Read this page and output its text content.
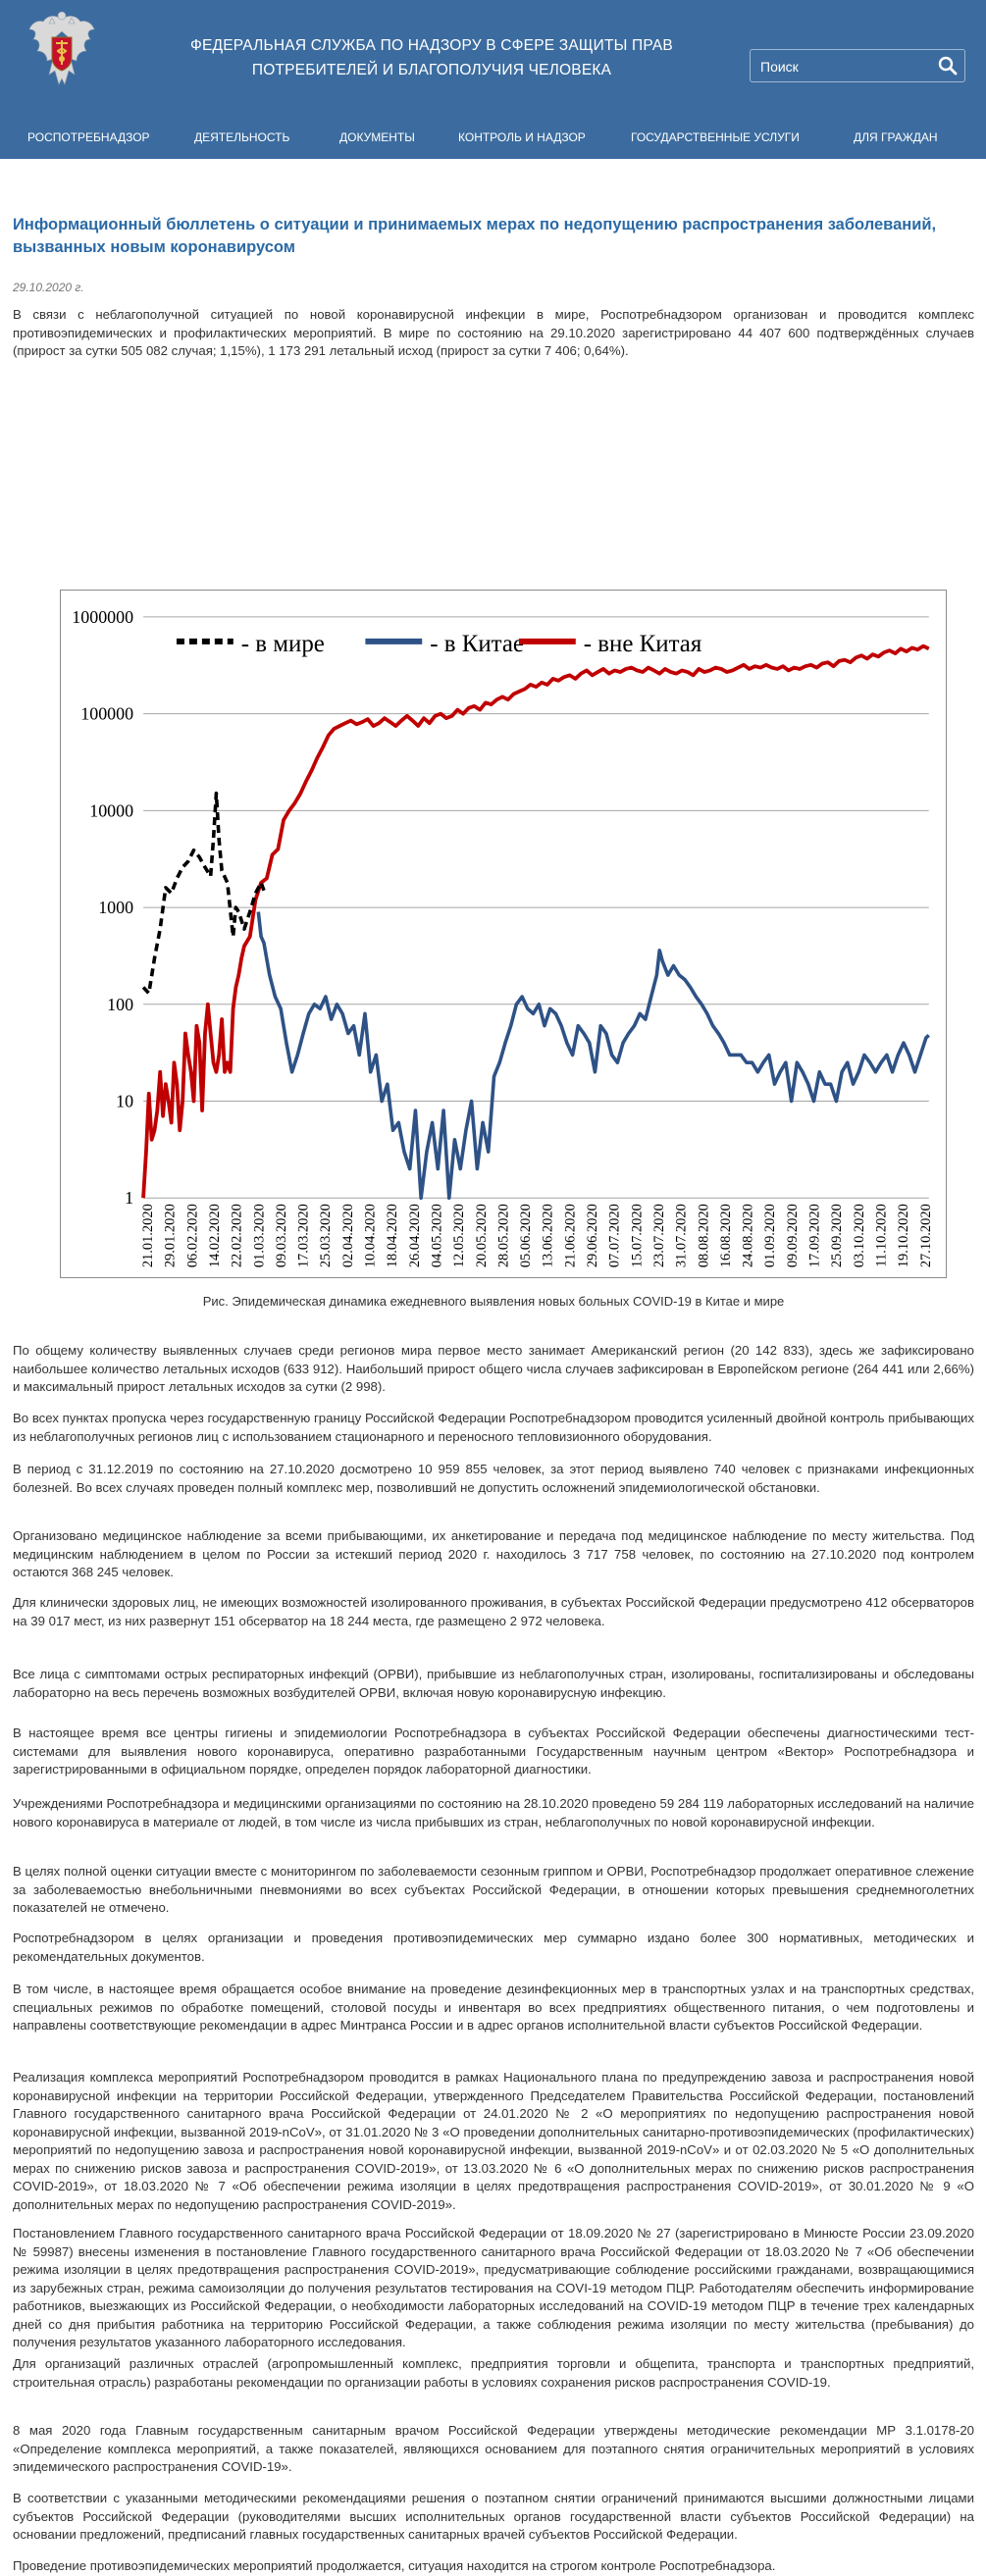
ФЕДЕРАЛЬНАЯ СЛУЖБА ПО НАДЗОРУ В СФЕРЕ ЗАЩИТЫ ПРАВ
ПОТРЕБИТЕЛЕЙ И БЛАГОПОЛУЧИЯ ЧЕЛОВЕКА
Поиск
РОСПОТРЕБНАДЗОР	ДЕЯТЕЛЬНОСТЬ	ДОКУМЕНТЫ	КОНТРОЛЬ И НАДЗОР	ГОСУДАРСТВЕННЫЕ УСЛУГИ	ДЛЯ ГРАЖДАН
Информационный бюллетень о ситуации и принимаемых мерах по недопущению распространения заболеваний, вызванных новым коронавирусом
29.10.2020 г.

В связи с неблагополучной ситуацией по новой коронавирусной инфекции в мире, Роспотребнадзором организован и проводится комплекс противоэпидемических и профилактических мероприятий. В мире по состоянию на 29.10.2020 зарегистрировано 44 407 600 подтверждённых случаев (прирост за сутки 505 082 случая; 1,15%), 1 173 291 летальный исход (прирост за сутки 7 406; 0,64%).

1000000
100000
10000
1000
100
10
1
21.01.2020 29.01.2020 06.02.2020 14.02.2020 22.02.2020 01.03.2020 09.03.2020 17.03.2020 25.03.2020 02.04.2020 10.04.2020 18.04.2020 26.04.2020 04.05.2020 12.05.2020 20.05.2020 28.05.2020 05.06.2020 13.06.2020 21.06.2020 29.06.2020 07.07.2020 15.07.2020 23.07.2020 31.07.2020 08.08.2020 16.08.2020 24.08.2020 01.09.2020 09.09.2020 17.09.2020 25.09.2020 03.10.2020 11.10.2020 19.10.2020 27.10.2020
- в мире	- в Китае - вне Китая
Рис. Эпидемическая динамика ежедневного выявления новых больных COVID-19 в Китае и мире

По общему количеству выявленных случаев среди регионов мира первое место занимает Американский регион (20 142 833), здесь же зафиксировано наибольшее количество летальных исходов (633 912). Наибольший прирост общего числа случаев зафиксирован в Европейском регионе (264 441 или 2,66%) и максимальный прирост летальных исходов за сутки (2 998).

Во всех пунктах пропуска через государственную границу Российской Федерации Роспотребнадзором проводится усиленный двойной контроль прибывающих из неблагополучных регионов лиц с использованием стационарного и переносного тепловизионного оборудования.

В период с 31.12.2019 по состоянию на 27.10.2020 досмотрено 10 959 855 человек, за этот период выявлено 740 человек с признаками инфекционных болезней. Во всех случаях проведен полный комплекс мер, позволивший не допустить осложнений эпидемиологической обстановки.

Организовано медицинское наблюдение за всеми прибывающими, их анкетирование и передача под медицинское наблюдение по месту жительства. Под медицинским наблюдением в целом по России за истекший период 2020 г. находилось 3 717 758 человек, по состоянию на 27.10.2020 под контролем остаются 368 245 человек.

Для клинически здоровых лиц, не имеющих возможностей изолированного проживания, в субъектах Российской Федерации предусмотрено 412 обсерваторов на 39 017 мест, из них развернут 151 обсерватор на 18 244 места, где размещено 2 972 человека.

Все лица с симптомами острых респираторных инфекций (ОРВИ), прибывшие из неблагополучных стран, изолированы, госпитализированы и обследованы лабораторно на весь перечень возможных возбудителей ОРВИ, включая новую коронавирусную инфекцию.

В настоящее время все центры гигиены и эпидемиологии Роспотребнадзора в субъектах Российской Федерации обеспечены диагностическими тест-системами для выявления нового коронавируса, оперативно разработанными Государственным научным центром «Вектор» Роспотребнадзора и зарегистрированными в официальном порядке, определен порядок лабораторной диагностики.

Учреждениями Роспотребнадзора и медицинскими организациями по состоянию на 28.10.2020 проведено 59 284 119 лабораторных исследований на наличие нового коронавируса в материале от людей, в том числе из числа прибывших из стран, неблагополучных по новой коронавирусной инфекции.

В целях полной оценки ситуации вместе с мониторингом по заболеваемости сезонным гриппом и ОРВИ, Роспотребнадзор продолжает оперативное слежение за заболеваемостью внебольничными пневмониями во всех субъектах Российской Федерации, в отношении которых превышения среднемноголетних показателей не отмечено.

Роспотребнадзором в целях организации и проведения противоэпидемических мер суммарно издано более 300 нормативных, методических и рекомендательных документов.

В том числе, в настоящее время обращается особое внимание на проведение дезинфекционных мер в транспортных узлах и на транспортных средствах, специальных режимов по обработке помещений, столовой посуды и инвентаря во всех предприятиях общественного питания, о чем подготовлены и направлены соответствующие рекомендации в адрес Минтранса России и в адрес органов исполнительной власти субъектов Российской Федерации.

Реализация комплекса мероприятий Роспотребнадзором проводится в рамках Национального плана по предупреждению завоза и распространения новой коронавирусной инфекции на территории Российской Федерации, утвержденного Председателем Правительства Российской Федерации, постановлений Главного государственного санитарного врача Российской Федерации от 24.01.2020 № 2 «О мероприятиях по недопущению распространения новой коронавирусной инфекции, вызванной 2019-nCoV», от 31.01.2020 № 3 «О проведении дополнительных санитарно-противоэпидемических (профилактических) мероприятий по недопущению завоза и распространения новой коронавирусной инфекции, вызванной 2019-nCoV» и от 02.03.2020 № 5 «О дополнительных мерах по снижению рисков завоза и распространения COVID-2019», от 13.03.2020 № 6 «О дополнительных мерах по снижению рисков распространения COVID-2019», от 18.03.2020 № 7 «Об обеспечении режима изоляции в целях предотвращения распространения COVID-2019», от 30.01.2020 № 9 «О дополнительных мерах по недопущению распространения COVID-2019».

Постановлением Главного государственного санитарного врача Российской Федерации от 18.09.2020 № 27 (зарегистрировано в Минюсте России 23.09.2020 № 59987) внесены изменения в постановление Главного государственного санитарного врача Российской Федерации от 18.03.2020 № 7 «Об обеспечении режима изоляции в целях предотвращения распространения COVID-2019», предусматривающие соблюдение российскими гражданами, возвращающимися из зарубежных стран, режима самоизоляции до получения результатов тестирования на COVI-19 методом ПЦР. Работодателям обеспечить информирование работников, выезжающих из Российской Федерации, о необходимости лабораторных исследований на COVID-19 методом ПЦР в течение трех календарных дней со дня прибытия работника на территорию Российской Федерации, а также соблюдения режима изоляции по месту жительства (пребывания) до получения результатов указанного лабораторного исследования.

Для организаций различных отраслей (агропромышленный комплекс, предприятия торговли и общепита, транспорта и транспортных предприятий, строительная отрасль) разработаны рекомендации по организации работы в условиях сохранения рисков распространения COVID-19.

8 мая 2020 года Главным государственным санитарным врачом Российской Федерации утверждены методические рекомендации МР 3.1.0178-20 «Определение комплекса мероприятий, а также показателей, являющихся основанием для поэтапного снятия ограничительных мероприятий в условиях эпидемического распространения COVID-19».

В соответствии с указанными методическими рекомендациями решения о поэтапном снятии ограничений принимаются высшими должностными лицами субъектов Российской Федерации (руководителями высших исполнительных органов государственной власти субъектов Российской Федерации) на основании предложений, предписаний главных государственных санитарных врачей субъектов Российской Федерации.

Проведение противоэпидемических мероприятий продолжается, ситуация находится на строгом контроле Роспотребнадзора.
